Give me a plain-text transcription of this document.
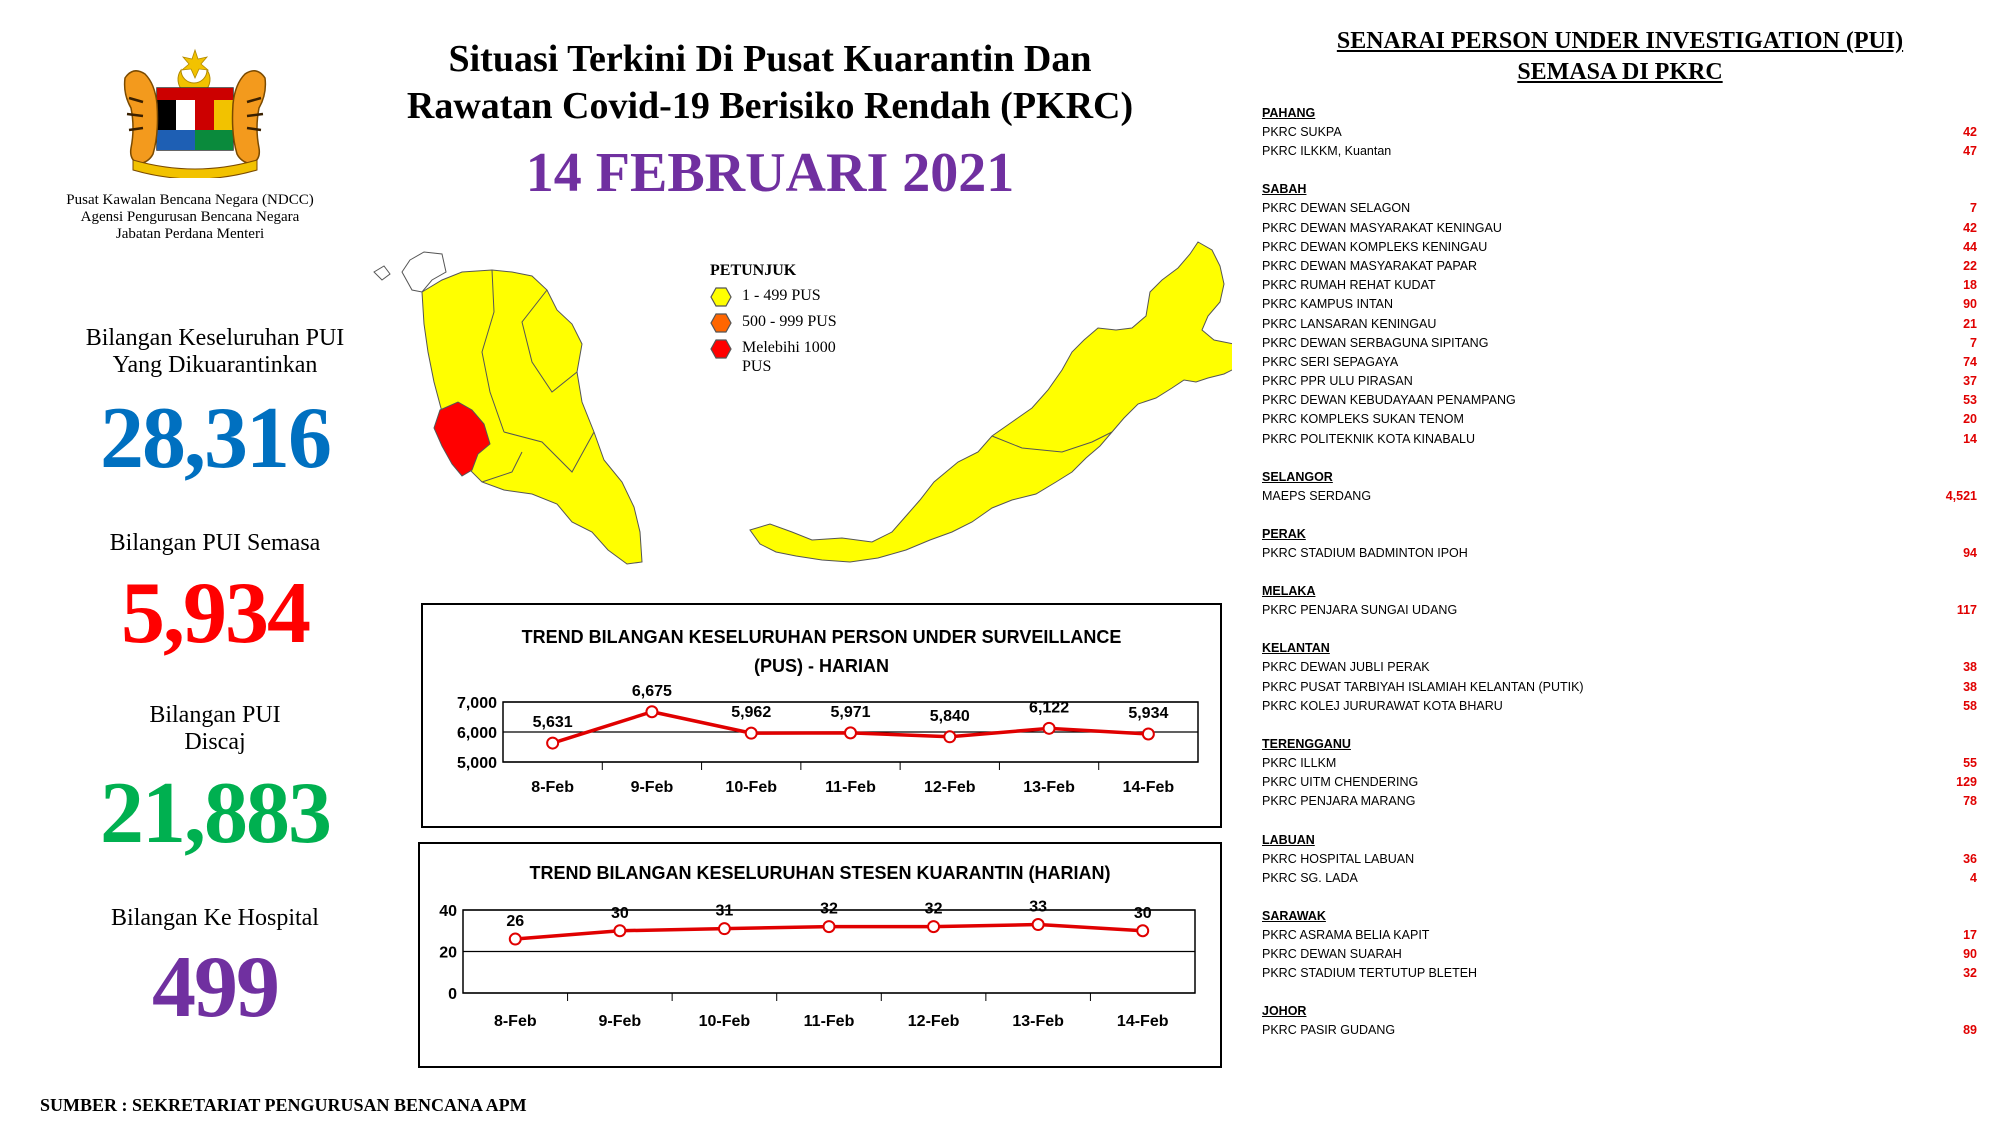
Pusat Kawalan Bencana Negara (NDCC)
Agensi Pengurusan Bencana Negara
Jabatan Perdana Menteri
Situasi Terkini Di Pusat Kuarantin Dan
Rawatan Covid-19 Berisiko Rendah (PKRC)
14 FEBRUARI 2021
Bilangan Keseluruhan PUI
Yang Dikuarantinkan
28,316
Bilangan PUI Semasa
5,934
Bilangan PUI
Discaj
21,883
Bilangan Ke Hospital
499
PETUNJUK
1 - 499 PUS
500 - 999 PUS
Melebihi 1000 PUS
TREND BILANGAN KESELURUHAN PERSON UNDER SURVEILLANCE
(PUS) - HARIAN
5,000
6,000
7,000
8-Feb	9-Feb	10-Feb	11-Feb	12-Feb	13-Feb	14-Feb
5,631
6,675
5,962	5,971	5,840	6,122	5,934
TREND BILANGAN KESELURUHAN STESEN KUARANTIN (HARIAN)
0
20
40
8-Feb	9-Feb	10-Feb	11-Feb	12-Feb	13-Feb	14-Feb
26	30	31	32	32	33	30
SENARAI PERSON UNDER INVESTIGATION (PUI)
SEMASA DI PKRC
PAHANG
PKRC SUKPA	42
PKRC ILKKM, Kuantan	47
SABAH
PKRC DEWAN SELAGON	7
PKRC DEWAN MASYARAKAT KENINGAU	42
PKRC DEWAN KOMPLEKS KENINGAU	44
PKRC DEWAN MASYARAKAT PAPAR	22
PKRC RUMAH REHAT KUDAT	18
PKRC KAMPUS INTAN	90
PKRC LANSARAN KENINGAU	21
PKRC DEWAN SERBAGUNA SIPITANG	7
PKRC SERI SEPAGAYA	74
PKRC PPR ULU PIRASAN	37
PKRC DEWAN KEBUDAYAAN PENAMPANG	53
PKRC KOMPLEKS SUKAN TENOM	20
PKRC POLITEKNIK KOTA KINABALU	14
SELANGOR
MAEPS SERDANG	4,521
PERAK
PKRC STADIUM BADMINTON IPOH	94
MELAKA
PKRC PENJARA SUNGAI UDANG	117
KELANTAN
PKRC DEWAN JUBLI PERAK	38
PKRC PUSAT TARBIYAH ISLAMIAH KELANTAN (PUTIK)	38
PKRC KOLEJ JURURAWAT KOTA BHARU	58
TERENGGANU
PKRC ILLKM	55
PKRC UITM CHENDERING	129
PKRC PENJARA MARANG	78
LABUAN
PKRC HOSPITAL LABUAN	36
PKRC SG. LADA	4
SARAWAK
PKRC ASRAMA BELIA KAPIT	17
PKRC DEWAN SUARAH	90
PKRC STADIUM TERTUTUP BLETEH	32
JOHOR
PKRC PASIR GUDANG	89
SUMBER : SEKRETARIAT PENGURUSAN BENCANA APM
